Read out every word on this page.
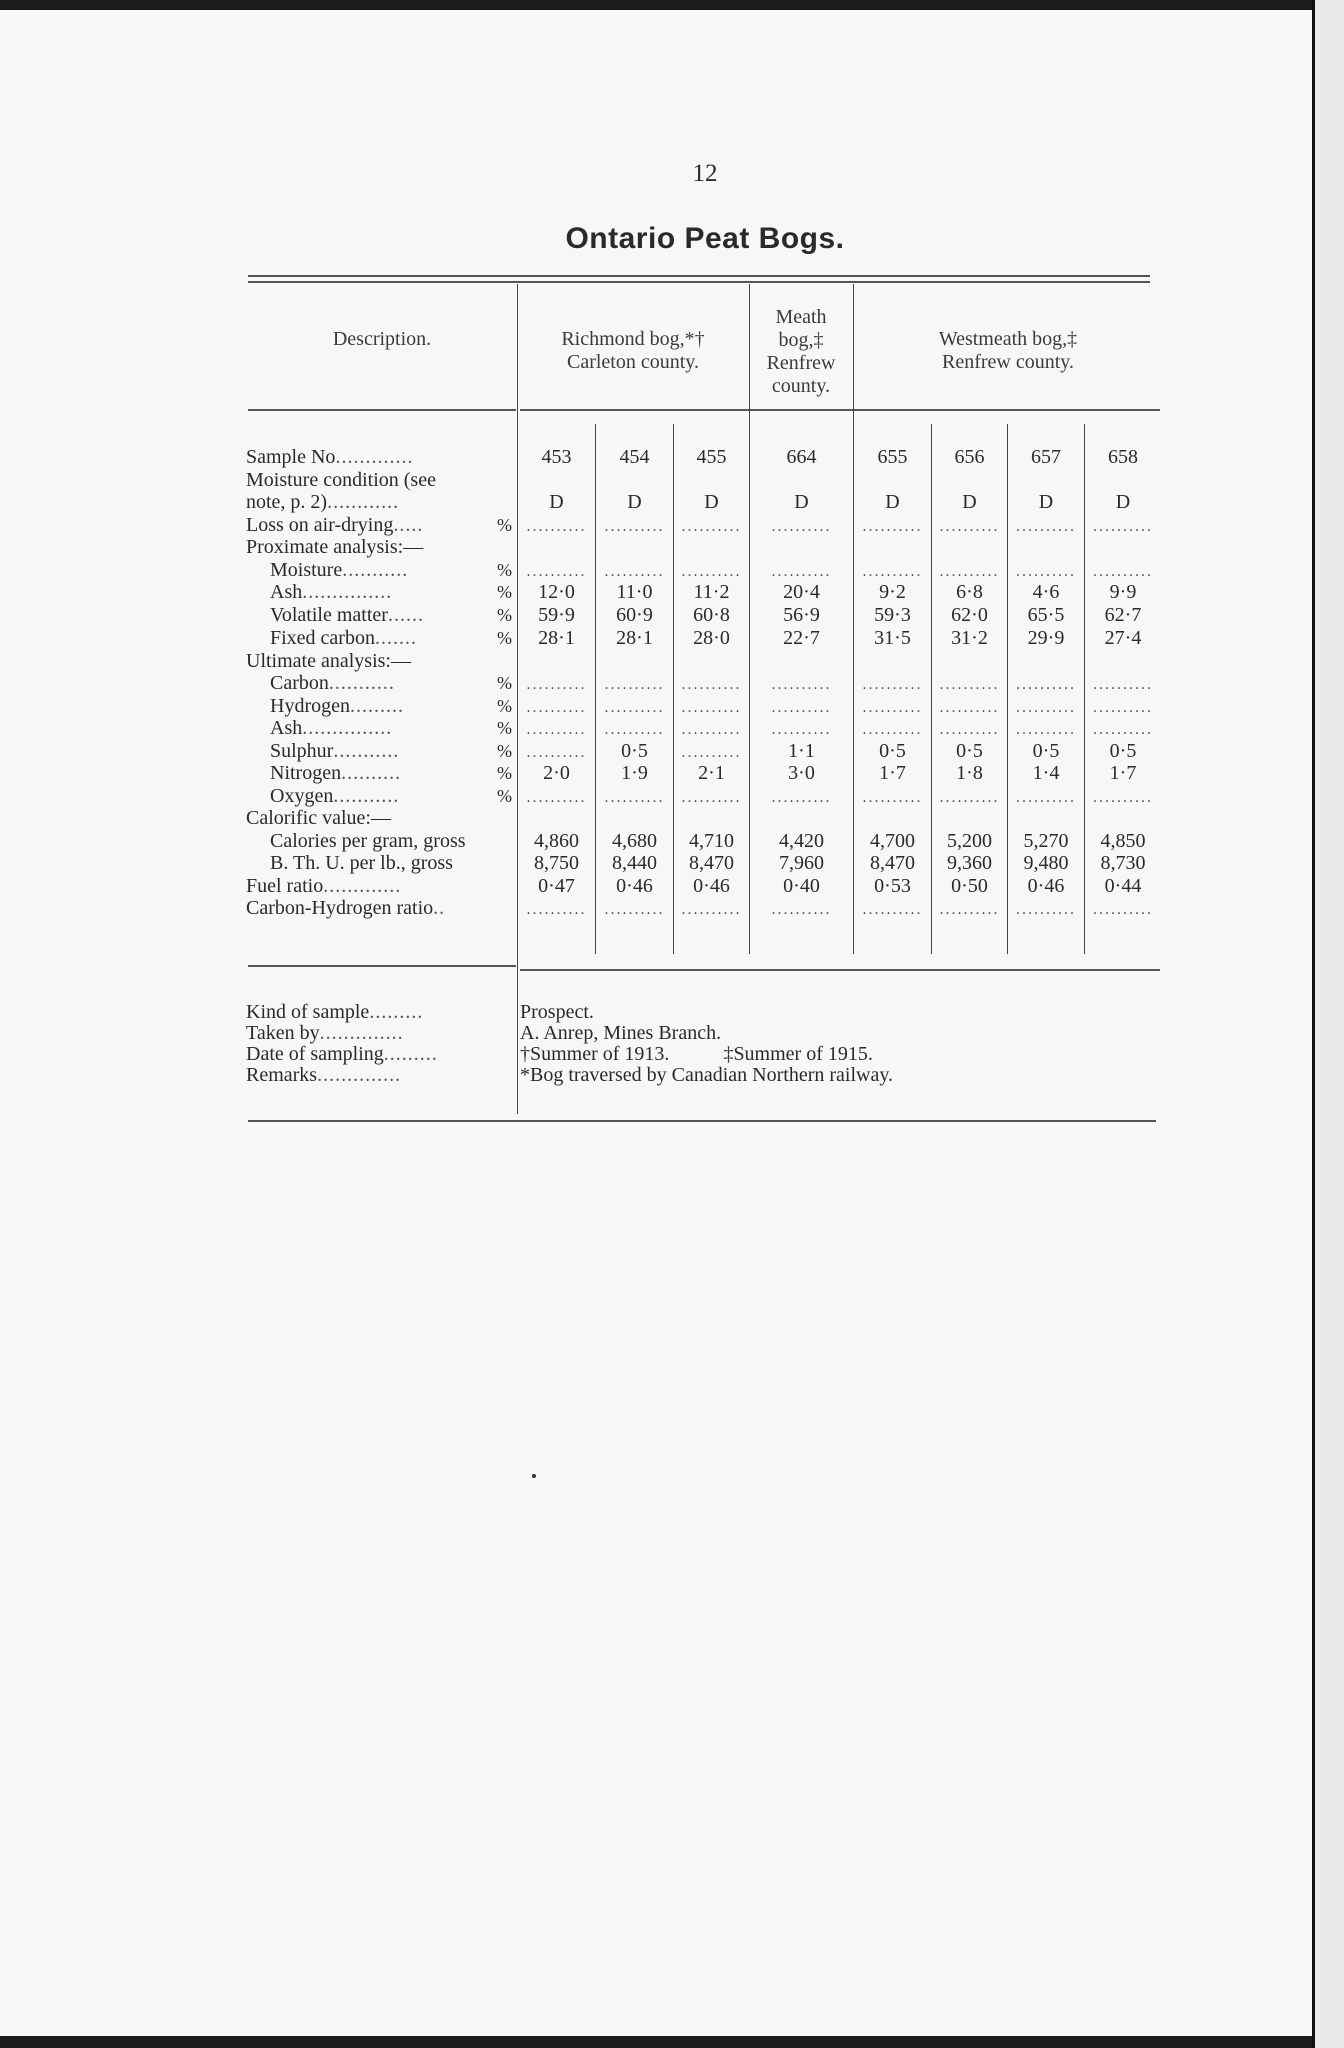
12
Ontario Peat Bogs.
Description.	Richmond bog,*†
Carleton county.
Meath
bog,‡
Renfrew
county.
Westmeath bog,‡
Renfrew county.
Sample No.............	453	454	455	664	655	656	657	658
Moisture condition (see
note, p. 2)............	D	D	D	D	D	D	D	D
Loss on air-drying.....	% .......... .......... ..........	..........	.......... .......... .......... ..........
Proximate analysis:—
Moisture...........	% .......... .......... ..........	..........	.......... .......... .......... ..........
Ash...............	%	12·0	11·0	11·2	20·4	9·2	6·8	4·6	9·9
Volatile matter......	%	59·9	60·9	60·8	56·9	59·3	62·0	65·5	62·7
Fixed carbon.......	%	28·1	28·1	28·0	22·7	31·5	31·2	29·9	27·4
Ultimate analysis:—
Carbon...........	% .......... .......... ..........	..........	.......... .......... .......... ..........
Hydrogen.........	% .......... .......... ..........	..........	.......... .......... .......... ..........
Ash...............	% .......... .......... ..........	..........	.......... .......... .......... ..........
Sulphur...........	% ..........	0·5	..........	1·1	0·5	0·5	0·5	0·5
Nitrogen..........	%	2·0	1·9	2·1	3·0	1·7	1·8	1·4	1·7
Oxygen...........	% .......... .......... ..........	..........	.......... .......... .......... ..........
Calorific value:—
Calories per gram, gross	4,860	4,680	4,710	4,420	4,700	5,200	5,270	4,850
B. Th. U. per lb., gross	8,750	8,440	8,470	7,960	8,470	9,360	9,480	8,730
Fuel ratio.............	0·47	0·46	0·46	0·40	0·53	0·50	0·46	0·44
Carbon-Hydrogen ratio..	.......... .......... ..........	..........	.......... .......... .......... ..........
Kind of sample.........	Prospect.
Taken by..............	A. Anrep, Mines Branch.
Date of sampling.........	†Summer of 1913.	‡Summer of 1915.
Remarks..............	*Bog traversed by Canadian Northern railway.
